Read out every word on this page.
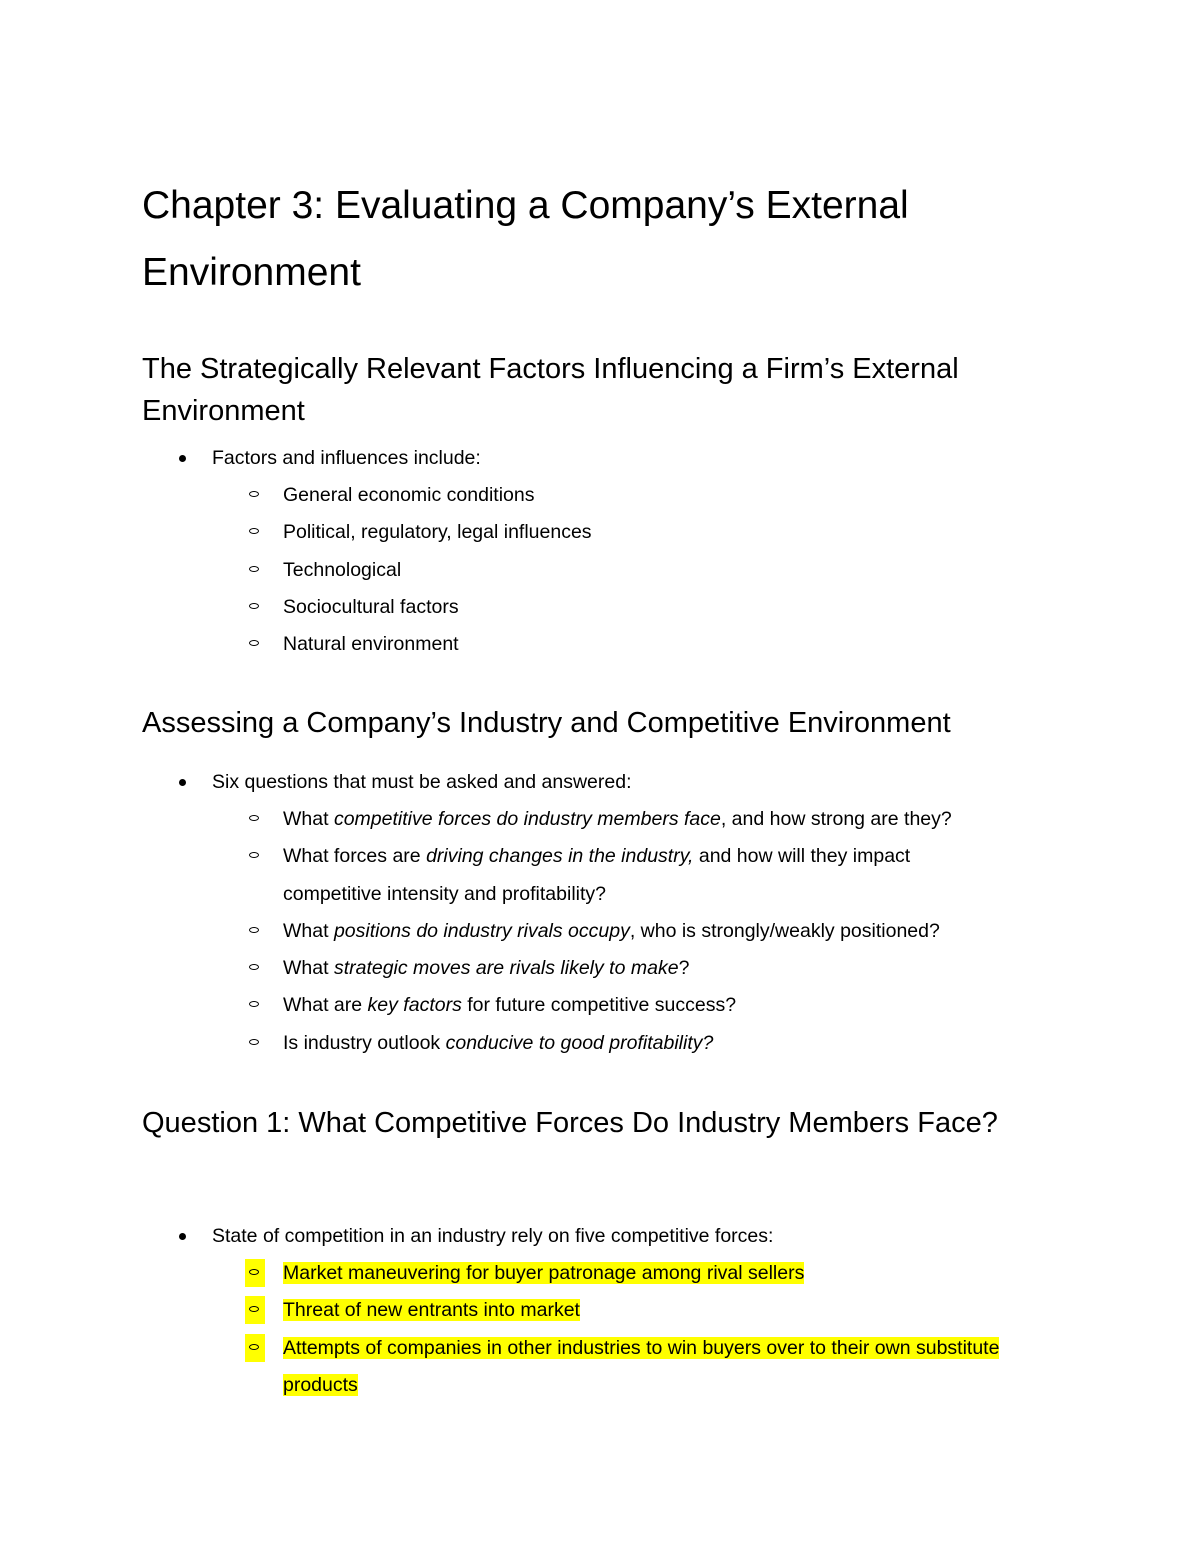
Chapter 3: Evaluating a Company’s External Environment
The Strategically Relevant Factors Influencing a Firm’s External Environment
Factors and influences include:
General economic conditions
Political, regulatory, legal influences
Technological
Sociocultural factors
Natural environment
Assessing a Company’s Industry and Competitive Environment
Six questions that must be asked and answered:
What competitive forces do industry members face, and how strong are they?
What forces are driving changes in the industry, and how will they impact competitive intensity and profitability?
What positions do industry rivals occupy, who is strongly/weakly positioned?
What strategic moves are rivals likely to make?
What are key factors for future competitive success?
Is industry outlook conducive to good profitability?
Question 1: What Competitive Forces Do Industry Members Face?
State of competition in an industry rely on five competitive forces:
Market maneuvering for buyer patronage among rival sellers
Threat of new entrants into market
Attempts of companies in other industries to win buyers over to their own substitute products
